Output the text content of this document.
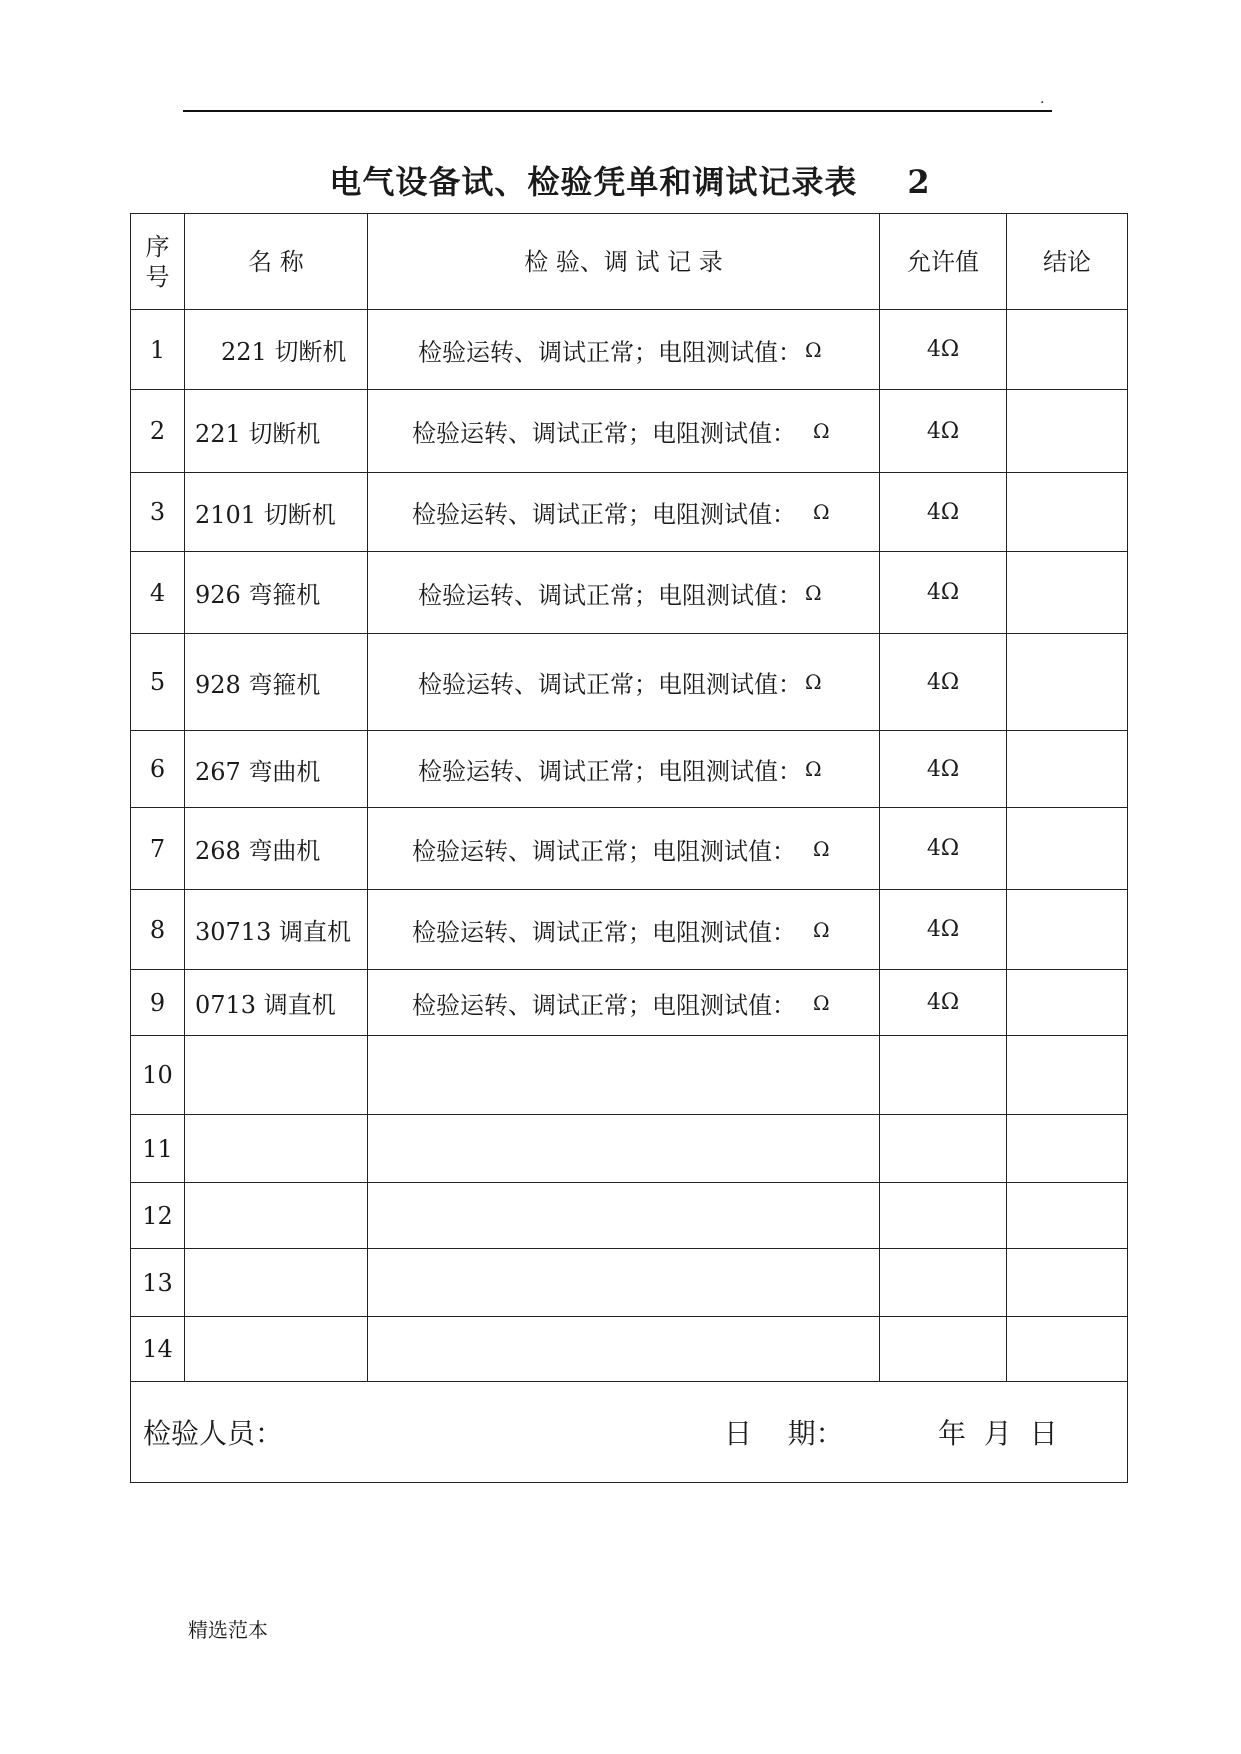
.
电气设备试、检验凭单和调试记录表 2
序
号	名 称	检 验、调 试 记 录	允许值	结论
1	221 切断机	检验运转、调试正常；电阻测试值： Ω	4Ω	
2	221 切断机	检验运转、调试正常；电阻测试值： Ω	4Ω	
3	2101 切断机	检验运转、调试正常；电阻测试值： Ω	4Ω	
4	926 弯箍机	检验运转、调试正常；电阻测试值： Ω	4Ω	
5	928 弯箍机	检验运转、调试正常；电阻测试值： Ω	4Ω	
6	267 弯曲机	检验运转、调试正常；电阻测试值： Ω	4Ω	
7	268 弯曲机	检验运转、调试正常；电阻测试值： Ω	4Ω	
8	30713 调直机	检验运转、调试正常；电阻测试值： Ω	4Ω	
9	0713 调直机	检验运转、调试正常；电阻测试值： Ω	4Ω	
10				
11				
12				
13				
14				

检验人员： 日    期： 年  月  日				
精选范本
